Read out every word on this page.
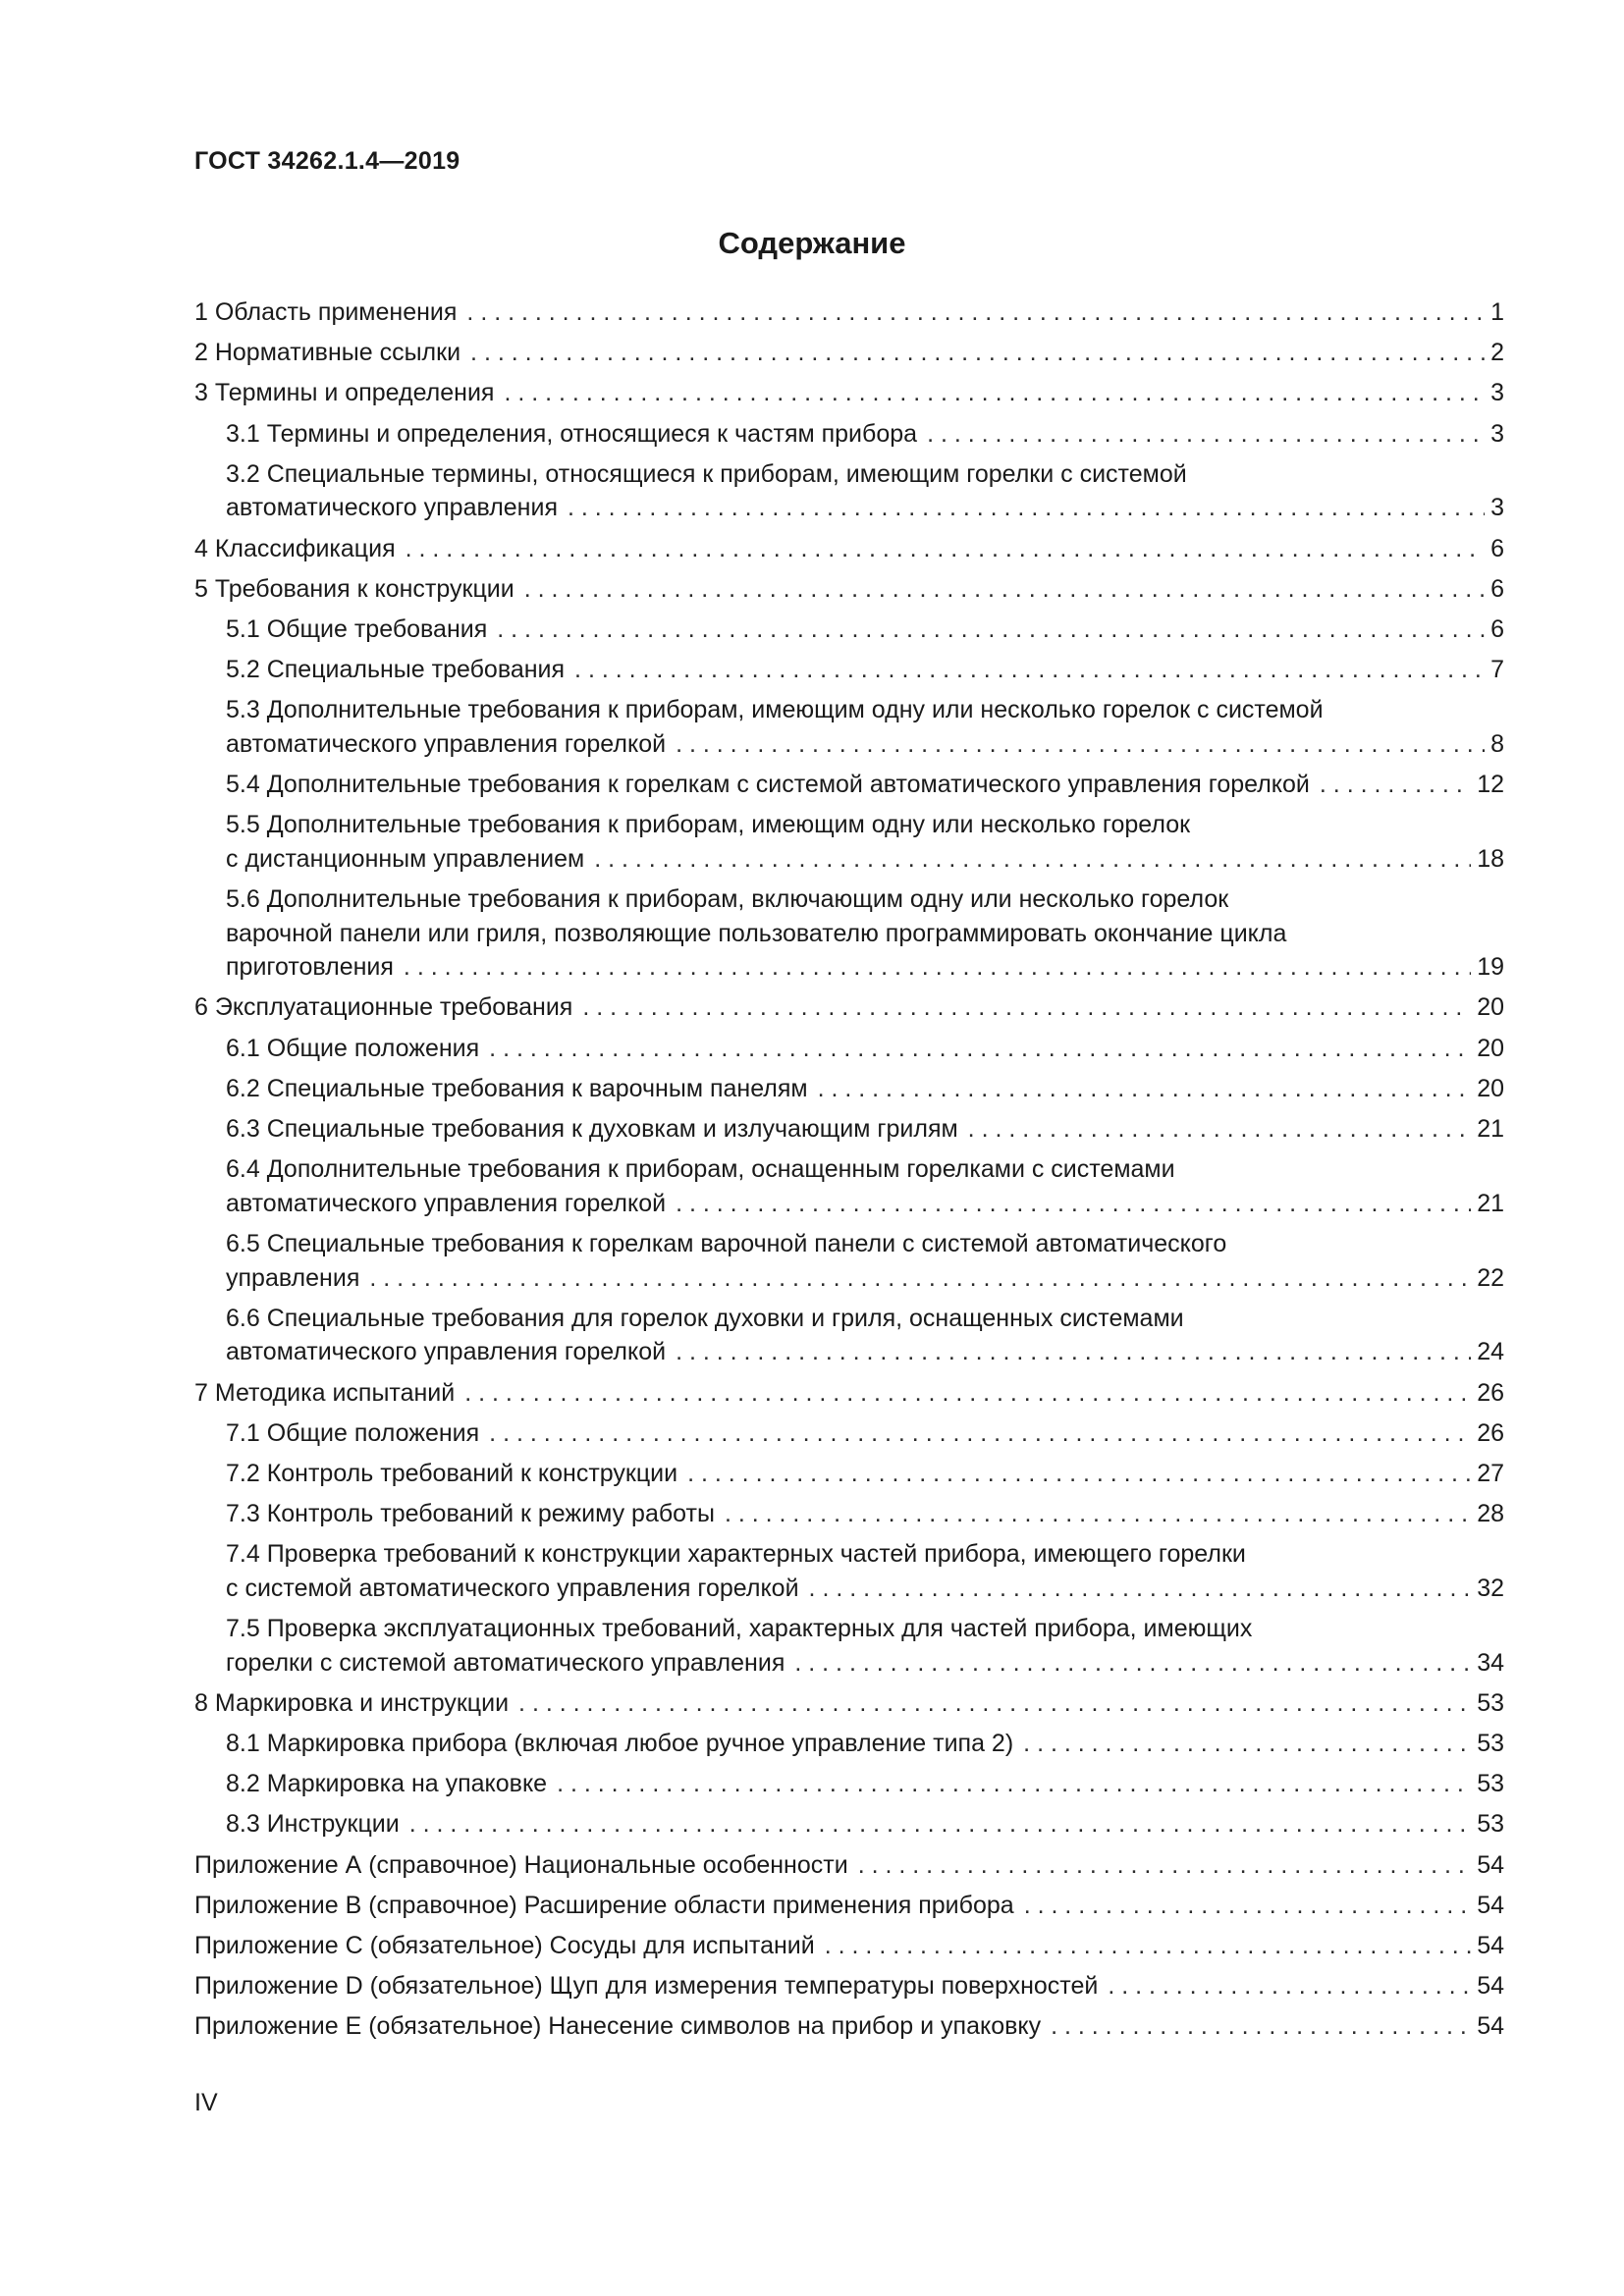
ГОСТ 34262.1.4—2019
Содержание
1 Область применения . . .	1
2 Нормативные ссылки . . .	2
3 Термины и определения . . .	3
3.1 Термины и определения, относящиеся к частям прибора . . .	3
3.2 Специальные термины, относящиеся к приборам, имеющим горелки с системой
автоматического управления . . .	3
4 Классификация . . .	6
5 Требования к конструкции . . .	6
5.1 Общие требования . . .	6
5.2 Специальные требования . . .	7
5.3 Дополнительные требования к приборам, имеющим одну или несколько горелок с системой
автоматического управления горелкой . . .	8
5.4 Дополнительные требования к горелкам с системой автоматического управления горелкой . . .	12
5.5 Дополнительные требования к приборам, имеющим одну или несколько горелок
с дистанционным управлением . . .	18
5.6 Дополнительные требования к приборам, включающим одну или несколько горелок
варочной панели или гриля, позволяющие пользователю программировать окончание цикла
приготовления . . .	19
6 Эксплуатационные требования . . .	20
6.1 Общие положения . . .	20
6.2 Специальные требования к варочным панелям . . .	20
6.3 Специальные требования к духовкам и излучающим грилям . . .	21
6.4 Дополнительные требования к приборам, оснащенным горелками с системами
автоматического управления горелкой . . .	21
6.5 Специальные требования к горелкам варочной панели с системой автоматического
управления . . .	22
6.6 Специальные требования для горелок духовки и гриля, оснащенных системами
автоматического управления горелкой . . .	24
7 Методика испытаний . . .	26
7.1 Общие положения . . .	26
7.2 Контроль требований к конструкции . . .	27
7.3 Контроль требований к режиму работы . . .	28
7.4 Проверка требований к конструкции характерных частей прибора, имеющего горелки
с системой автоматического управления горелкой . . .	32
7.5 Проверка эксплуатационных требований, характерных для частей прибора, имеющих
горелки с системой автоматического управления . . .	34
8 Маркировка и инструкции . . .	53
8.1 Маркировка прибора (включая любое ручное управление типа 2) . . .	53
8.2 Маркировка на упаковке . . .	53
8.3 Инструкции . . .	53
Приложение А (справочное) Национальные особенности . . .	54
Приложение В (справочное) Расширение области применения прибора . . .	54
Приложение С (обязательное) Сосуды для испытаний . . .	54
Приложение D (обязательное) Щуп для измерения температуры поверхностей . . .	54
Приложение Е (обязательное) Нанесение символов на прибор и упаковку . . .	54
IV
